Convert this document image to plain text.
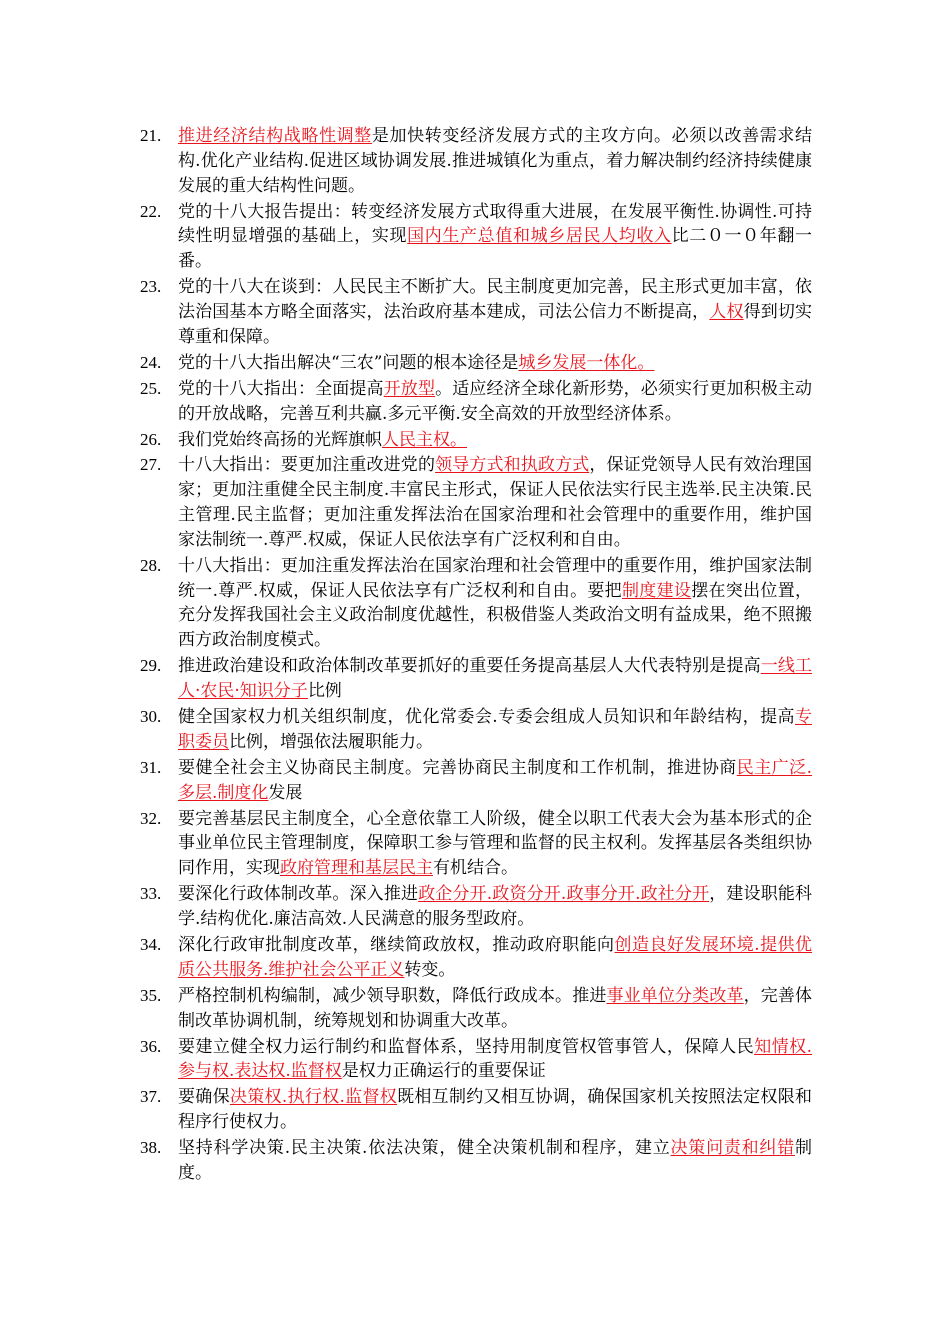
21. 推进经济结构战略性调整是加快转变经济发展方式的主攻方向。必须以改善需求结构.优化产业结构.促进区域协调发展.推进城镇化为重点，着力解决制约经济持续健康发展的重大结构性问题。
22. 党的十八大报告提出：转变经济发展方式取得重大进展，在发展平衡性.协调性.可持续性明显增强的基础上，实现国内生产总值和城乡居民人均收入比二０一０年翻一番。
23. 党的十八大在谈到：人民民主不断扩大。民主制度更加完善，民主形式更加丰富，依法治国基本方略全面落实，法治政府基本建成，司法公信力不断提高，人权得到切实尊重和保障。
24. 党的十八大指出解决“三农”问题的根本途径是城乡发展一体化。
25. 党的十八大指出：全面提高开放型。适应经济全球化新形势，必须实行更加积极主动的开放战略，完善互利共赢.多元平衡.安全高效的开放型经济体系。
26. 我们党始终高扬的光辉旗帜人民主权。
27. 十八大指出：要更加注重改进党的领导方式和执政方式，保证党领导人民有效治理国家；更加注重健全民主制度.丰富民主形式，保证人民依法实行民主选举.民主决策.民主管理.民主监督；更加注重发挥法治在国家治理和社会管理中的重要作用，维护国家法制统一.尊严.权威，保证人民依法享有广泛权利和自由。
28. 十八大指出：更加注重发挥法治在国家治理和社会管理中的重要作用，维护国家法制统一.尊严.权威，保证人民依法享有广泛权利和自由。要把制度建设摆在突出位置，充分发挥我国社会主义政治制度优越性，积极借鉴人类政治文明有益成果，绝不照搬西方政治制度模式。
29. 推进政治建设和政治体制改革要抓好的重要任务提高基层人大代表特别是提高一线工人·农民·知识分子比例
30. 健全国家权力机关组织制度，优化常委会.专委会组成人员知识和年龄结构，提高专职委员比例，增强依法履职能力。
31. 要健全社会主义协商民主制度。完善协商民主制度和工作机制，推进协商民主广泛.多层.制度化发展
32. 要完善基层民主制度全，心全意依靠工人阶级，健全以职工代表大会为基本形式的企事业单位民主管理制度，保障职工参与管理和监督的民主权利。发挥基层各类组织协同作用，实现政府管理和基层民主有机结合。
33. 要深化行政体制改革。深入推进政企分开.政资分开.政事分开.政社分开，建设职能科学.结构优化.廉洁高效.人民满意的服务型政府。
34. 深化行政审批制度改革，继续简政放权，推动政府职能向创造良好发展环境.提供优质公共服务.维护社会公平正义转变。
35. 严格控制机构编制，减少领导职数，降低行政成本。推进事业单位分类改革，完善体制改革协调机制，统筹规划和协调重大改革。
36. 要建立健全权力运行制约和监督体系，坚持用制度管权管事管人，保障人民知情权.参与权.表达权.监督权是权力正确运行的重要保证
37. 要确保决策权.执行权.监督权既相互制约又相互协调，确保国家机关按照法定权限和程序行使权力。
38. 坚持科学决策.民主决策.依法决策，健全决策机制和程序，建立决策问责和纠错制度。
